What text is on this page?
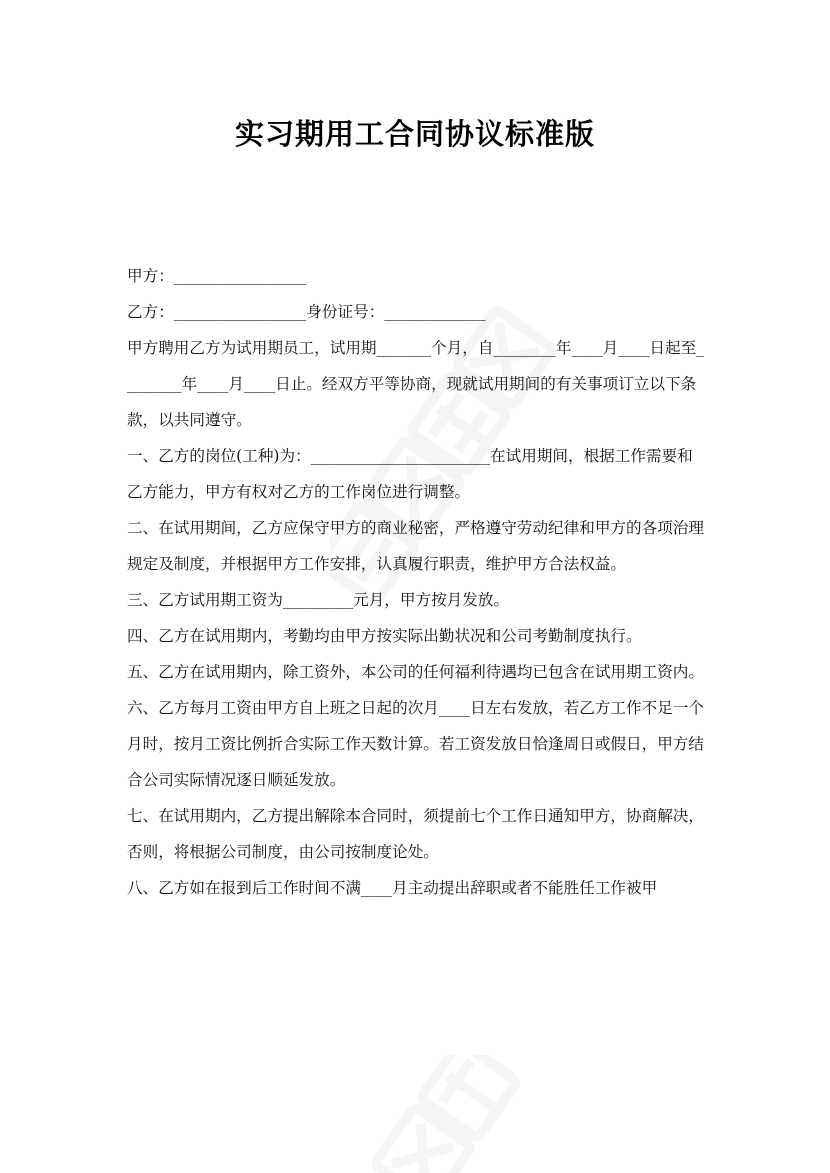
实习期用工合同协议标准版

甲方：_________________

乙方：_________________身份证号：_____________

甲方聘用乙方为试用期员工，试用期_______个月，自________年____月____日起至________年____月____日止。经双方平等协商，现就试用期间的有关事项订立以下条款，以共同遵守。

一、乙方的岗位(工种)为：_______________________在试用期间，根据工作需要和乙方能力，甲方有权对乙方的工作岗位进行调整。

二、在试用期间，乙方应保守甲方的商业秘密，严格遵守劳动纪律和甲方的各项治理规定及制度，并根据甲方工作安排，认真履行职责，维护甲方合法权益。

三、乙方试用期工资为_________元月，甲方按月发放。

四、乙方在试用期内，考勤均由甲方按实际出勤状况和公司考勤制度执行。

五、乙方在试用期内，除工资外，本公司的任何福利待遇均已包含在试用期工资内。

六、乙方每月工资由甲方自上班之日起的次月____日左右发放，若乙方工作不足一个月时，按月工资比例折合实际工作天数计算。若工资发放日恰逢周日或假日，甲方结合公司实际情况逐日顺延发放。

七、在试用期内，乙方提出解除本合同时，须提前七个工作日通知甲方，协商解决，否则，将根据公司制度，由公司按制度论处。

八、乙方如在报到后工作时间不满____月主动提出辞职或者不能胜任工作被甲
